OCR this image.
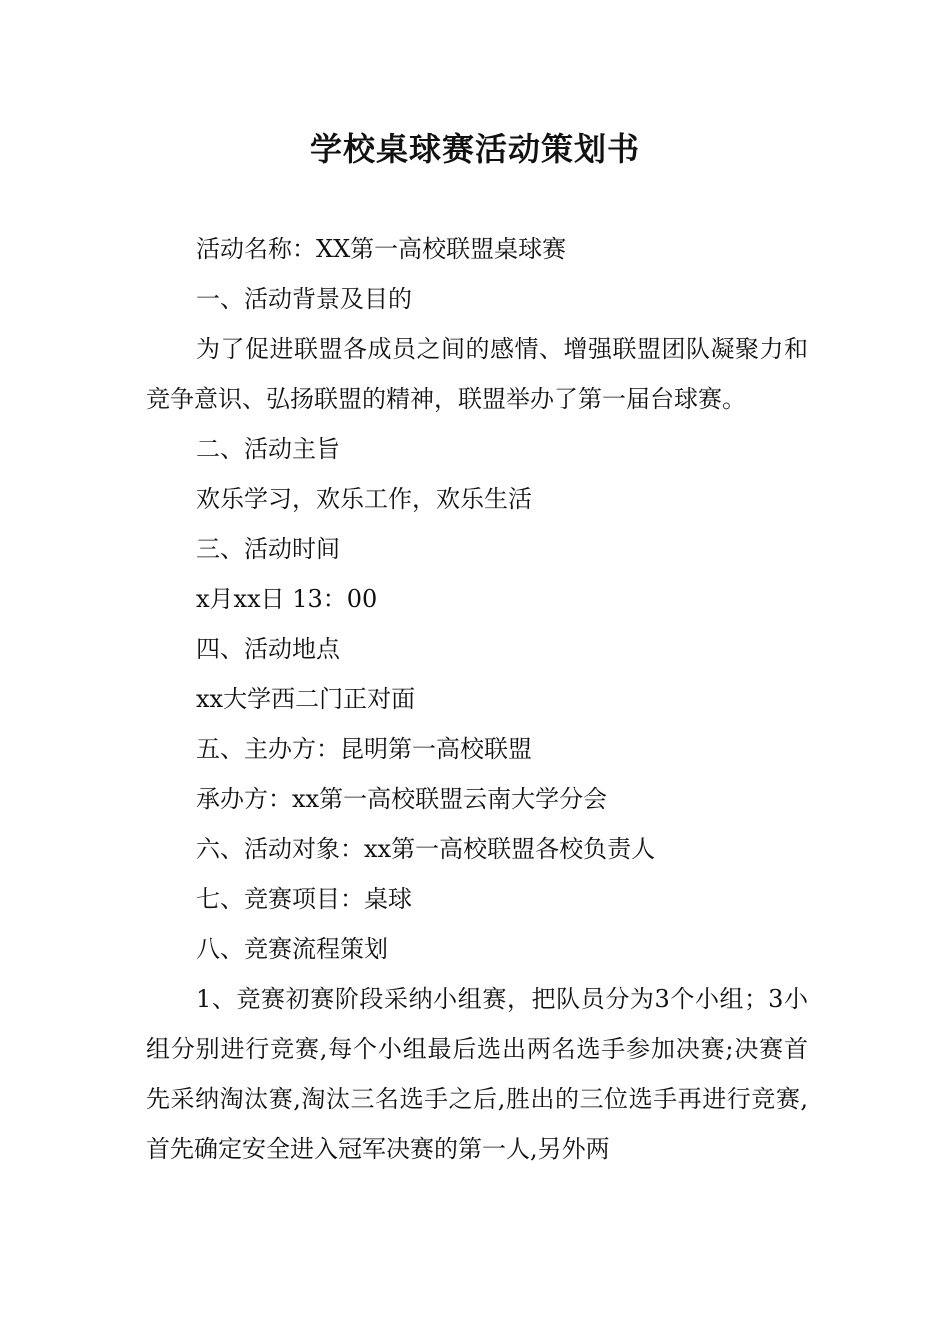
学校桌球赛活动策划书

活动名称：XX第一高校联盟桌球赛

一、活动背景及目的

为了促进联盟各成员之间的感情、增强联盟团队凝聚力和竞争意识、弘扬联盟的精神，联盟举办了第一届台球赛。

二、活动主旨

欢乐学习，欢乐工作，欢乐生活

三、活动时间

x月xx日 13：00

四、活动地点

xx大学西二门正对面

五、主办方：昆明第一高校联盟

承办方：xx第一高校联盟云南大学分会

六、活动对象：xx第一高校联盟各校负责人

七、竞赛项目：桌球

八、竞赛流程策划

1、竞赛初赛阶段采纳小组赛，把队员分为3个小组；3小组分别进行竞赛,每个小组最后选出两名选手参加决赛;决赛首先采纳淘汰赛,淘汰三名选手之后,胜出的三位选手再进行竞赛,首先确定安全进入冠军决赛的第一人,另外两
